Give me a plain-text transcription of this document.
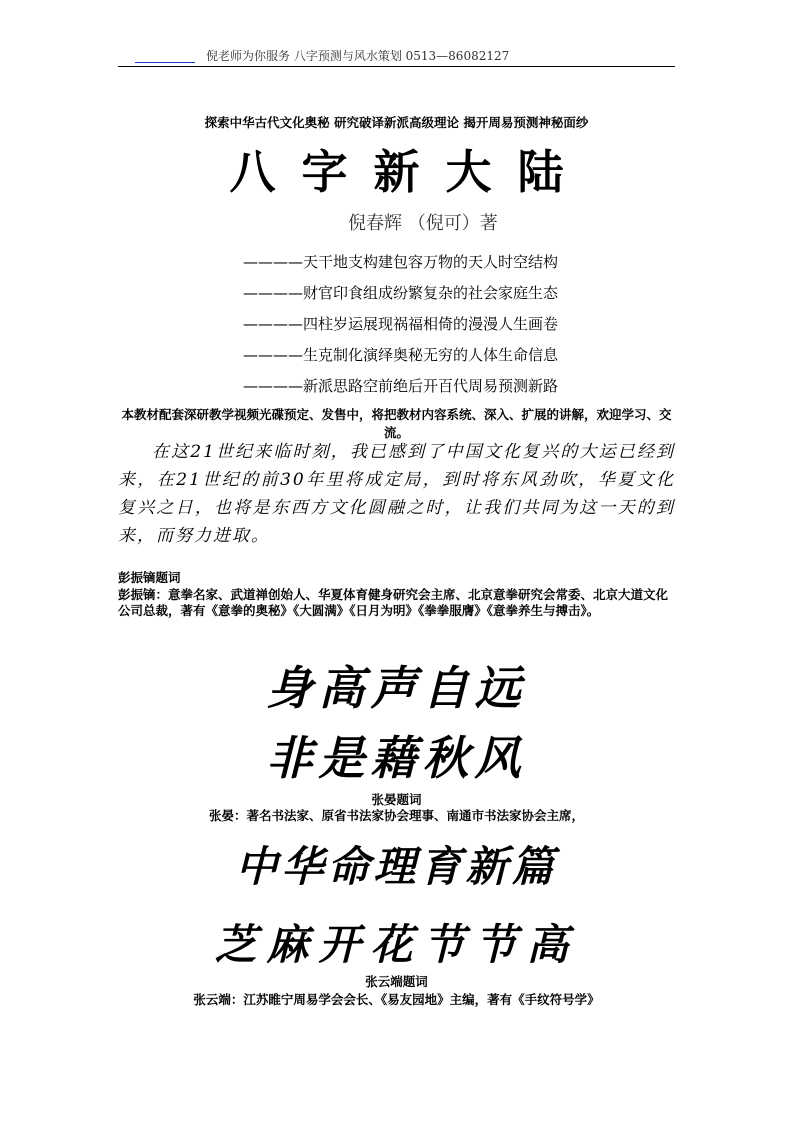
倪老师为你服务 八字预测与风水策划 0513—86082127
探索中华古代文化奥秘 研究破译新派高级理论 揭开周易预测神秘面纱
八字新大陆
倪春辉 （倪可）著
————天干地支构建包容万物的天人时空结构
————财官印食组成纷繁复杂的社会家庭生态
————四柱岁运展现祸福相倚的漫漫人生画卷
————生克制化演绎奥秘无穷的人体生命信息
————新派思路空前绝后开百代周易预测新路
本教材配套深研教学视频光碟预定、发售中，将把教材内容系统、深入、扩展的讲解，欢迎学习、交流。
在这21世纪来临时刻，我已感到了中国文化复兴的大运已经到来，在21世纪的前30年里将成定局，到时将东风劲吹，华夏文化复兴之日，也将是东西方文化圆融之时，让我们共同为这一天的到来，而努力进取。
彭振镝题词
彭振镝：意拳名家、武道禅创始人、华夏体育健身研究会主席、北京意拳研究会常委、北京大道文化公司总裁，著有《意拳的奥秘》《大圆满》《日月为明》《拳拳服膺》《意拳养生与搏击》。
身高声自远
非是藉秋风
张晏题词
张晏：著名书法家、原省书法家协会理事、南通市书法家协会主席，
中华命理育新篇
芝麻开花节节高
张云端题词
张云端：江苏睢宁周易学会会长、《易友园地》主编，著有《手纹符号学》
